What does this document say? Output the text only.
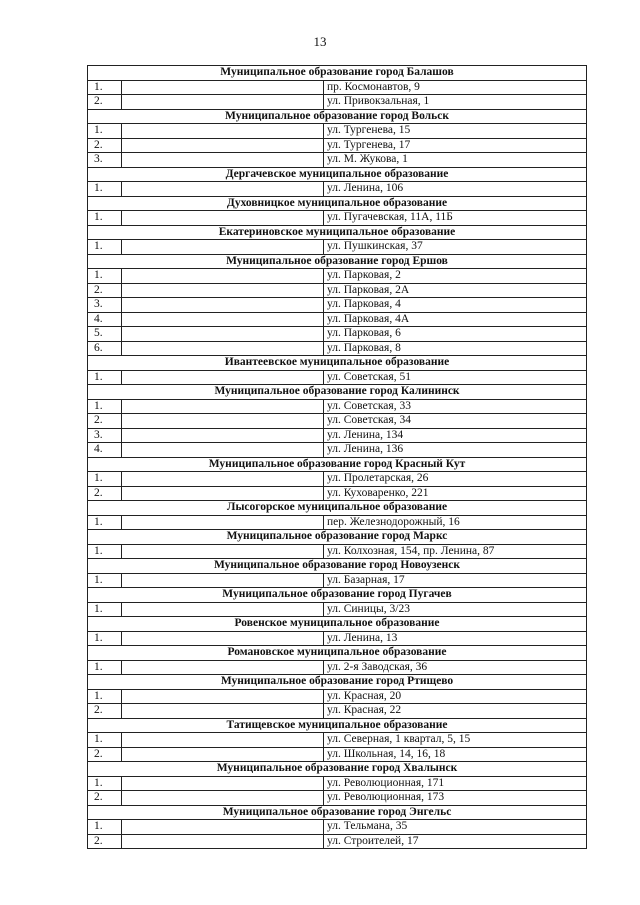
13
Муниципальное образование город Балашов		
1.		пр. Космонавтов, 9
2.		ул. Привокзальная, 1
Муниципальное образование город Вольск		
1.		ул. Тургенева, 15
2.		ул. Тургенева, 17
3.		ул. М. Жукова, 1
Дергачевское муниципальное образование		
1.		ул. Ленина, 106
Духовницкое муниципальное образование		
1.		ул. Пугачевская, 11А, 11Б
Екатериновское муниципальное образование		
1.		ул. Пушкинская, 37
Муниципальное образование город Ершов		
1.		ул. Парковая, 2
2.		ул. Парковая, 2А
3.		ул. Парковая, 4
4.		ул. Парковая, 4А
5.		ул. Парковая, 6
6.		ул. Парковая, 8
Ивантеевское муниципальное образование		
1.		ул. Советская, 51
Муниципальное образование город Калининск		
1.		ул. Советская, 33
2.		ул. Советская, 34
3.		ул. Ленина, 134
4.		ул. Ленина, 136
Муниципальное образование город Красный Кут		
1.		ул. Пролетарская, 26
2.		ул. Куховаренко, 221
Лысогорское муниципальное образование		
1.		пер. Железнодорожный, 16
Муниципальное образование город Маркс		
1.		ул. Колхозная, 154, пр. Ленина, 87
Муниципальное образование город Новоузенск		
1.		ул. Базарная, 17
Муниципальное образование город Пугачев		
1.		ул. Синицы, 3/23
Ровенское муниципальное образование		
1.		ул. Ленина, 13
Романовское муниципальное образование		
1.		ул. 2-я Заводская, 36
Муниципальное образование город Ртищево		
1.		ул. Красная, 20
2.		ул. Красная, 22
Татищевское муниципальное образование		
1.		ул. Северная, 1 квартал, 5, 15
2.		ул. Школьная, 14, 16, 18
Муниципальное образование город Хвалынск		
1.		ул. Революционная, 171
2.		ул. Революционная, 173
Муниципальное образование город Энгельс		
1.		ул. Тельмана, 35
2.		ул. Строителей, 17
